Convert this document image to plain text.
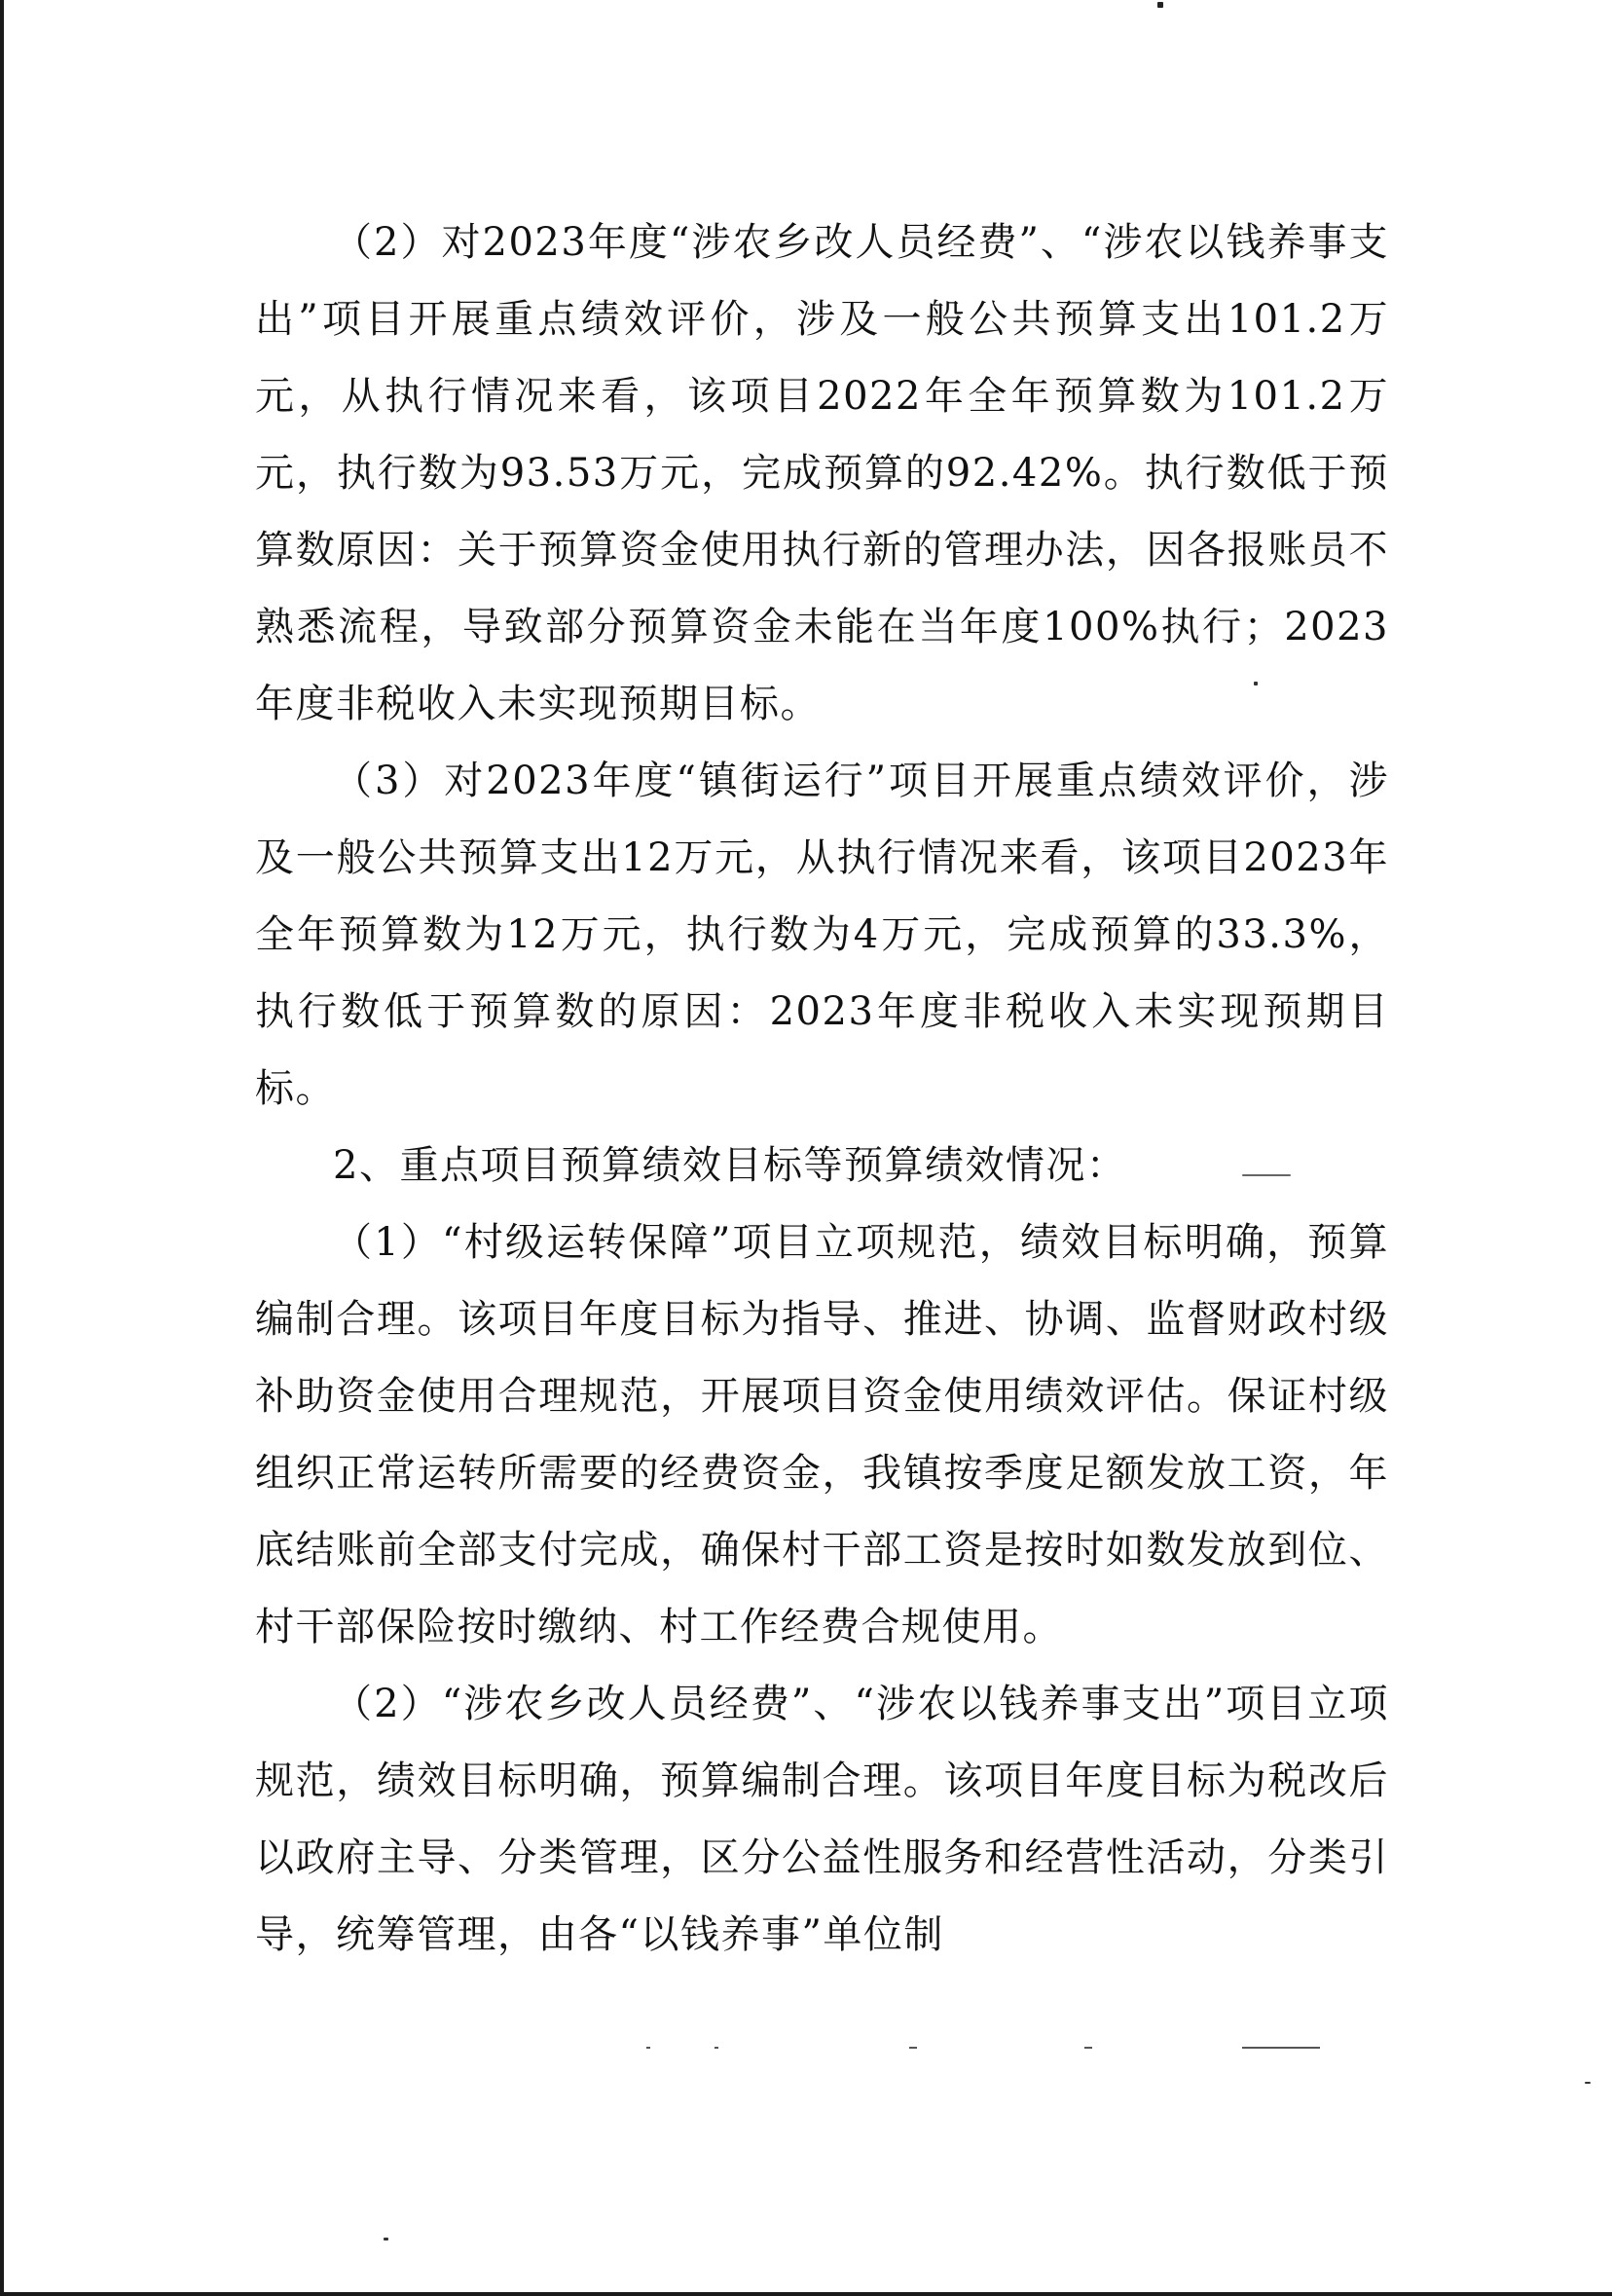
（2）对2023年度“涉农乡改人员经费”、“涉农以钱养事支出”项目开展重点绩效评价，涉及一般公共预算支出101.2万元，从执行情况来看，该项目2022年全年预算数为101.2万元，执行数为93.53万元，完成预算的92.42%。执行数低于预算数原因：关于预算资金使用执行新的管理办法，因各报账员不熟悉流程，导致部分预算资金未能在当年度100%执行；2023年度非税收入未实现预期目标。

（3）对2023年度“镇街运行”项目开展重点绩效评价，涉及一般公共预算支出12万元，从执行情况来看，该项目2023年全年预算数为12万元，执行数为4万元，完成预算的33.3%，执行数低于预算数的原因：2023年度非税收入未实现预期目标。

2、重点项目预算绩效目标等预算绩效情况：

（1）“村级运转保障”项目立项规范，绩效目标明确，预算编制合理。该项目年度目标为指导、推进、协调、监督财政村级补助资金使用合理规范，开展项目资金使用绩效评估。保证村级组织正常运转所需要的经费资金，我镇按季度足额发放工资，年底结账前全部支付完成，确保村干部工资是按时如数发放到位、村干部保险按时缴纳、村工作经费合规使用。

（2）“涉农乡改人员经费”、“涉农以钱养事支出”项目立项规范，绩效目标明确，预算编制合理。该项目年度目标为税改后以政府主导、分类管理，区分公益性服务和经营性活动，分类引导，统筹管理，由各“以钱养事”单位制
